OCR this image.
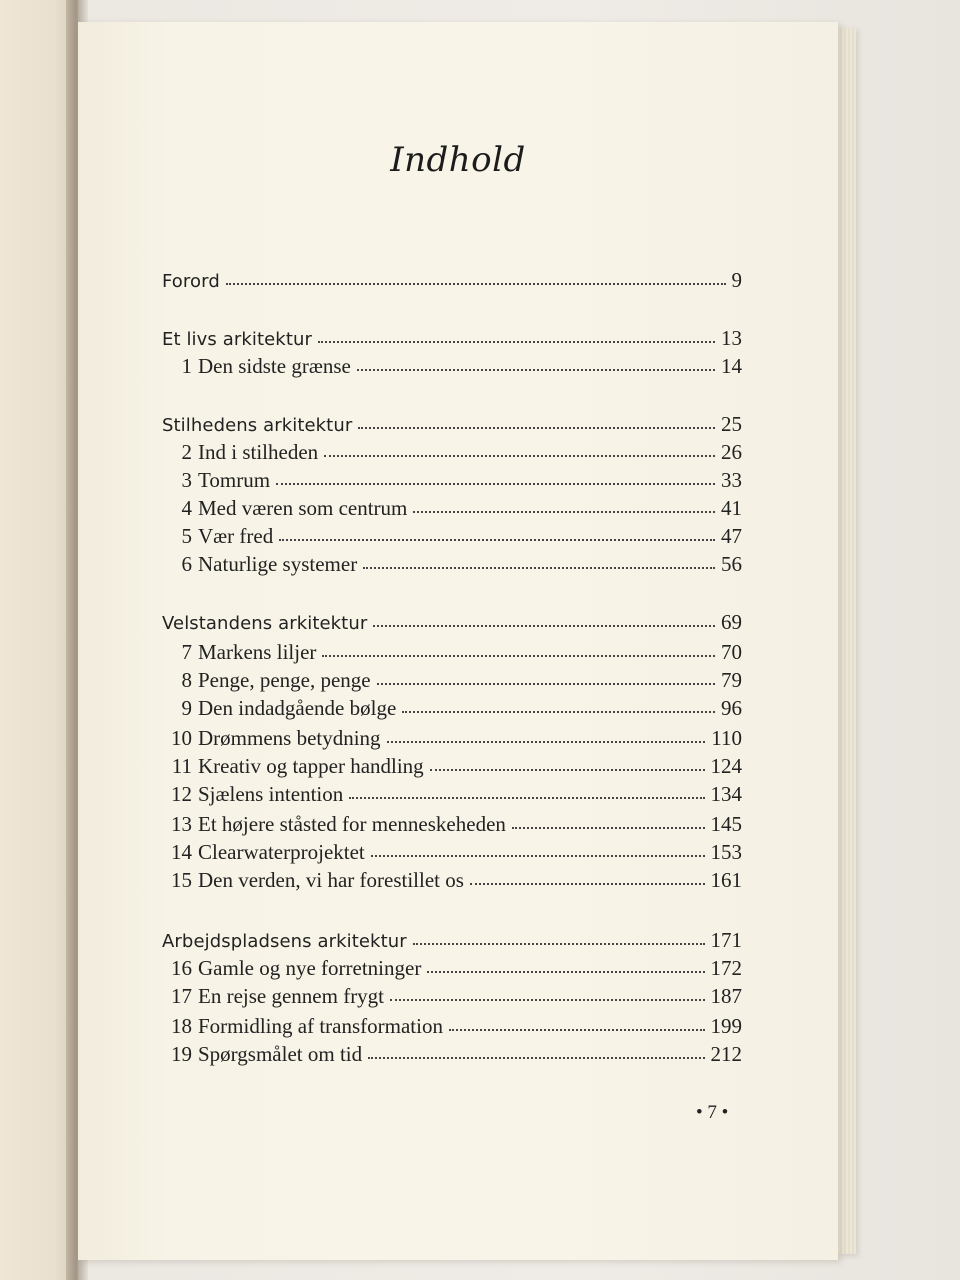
Indhold
Forord	9
Et livs arkitektur	13
1 Den sidste grænse	14
Stilhedens arkitektur	25
2 Ind i stilheden	26
3 Tomrum	33
4 Med væren som centrum	41
5 Vær fred	47
6 Naturlige systemer	56
Velstandens arkitektur	69
7 Markens liljer	70
8 Penge, penge, penge	79
9 Den indadgående bølge	96
10 Drømmens betydning	110
11 Kreativ og tapper handling	124
12 Sjælens intention	134
13 Et højere ståsted for menneskeheden	145
14 Clearwaterprojektet	153
15 Den verden, vi har forestillet os	161
Arbejdspladsens arkitektur	171
16 Gamle og nye forretninger	172
17 En rejse gennem frygt	187
18 Formidling af transformation	199
19 Spørgsmålet om tid	212
• 7 •
